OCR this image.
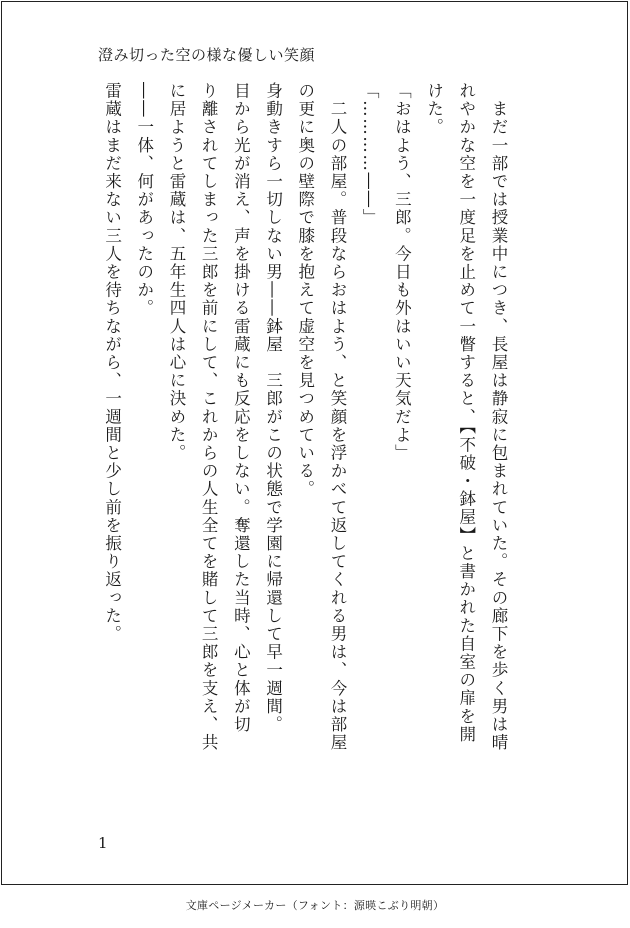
澄み切った空の様な優しい笑顔
　まだ一部では授業中につき、長屋は静寂に包まれていた。その廊下を歩く男は晴
れやかな空を一度足を止めて一瞥すると、【不破・鉢屋】と書かれた自室の扉を開
けた。
「おはよう、三郎。今日も外はいい天気だよ」
「…………――」
　二人の部屋。普段ならおはよう、と笑顔を浮かべて返してくれる男は、今は部屋
の更に奥の壁際で膝を抱えて虚空を見つめている。
身動きすら一切しない男――鉢屋　三郎がこの状態で学園に帰還して早一週間。
目から光が消え、声を掛ける雷蔵にも反応をしない。奪還した当時、心と体が切
り離されてしまった三郎を前にして、これからの人生全てを賭して三郎を支え、共
に居ようと雷蔵は、五年生四人は心に決めた。
――一体、何があったのか。
雷蔵はまだ来ない三人を待ちながら、一週間と少し前を振り返った。
1
文庫ページメーカー（フォント：源暎こぶり明朝）
